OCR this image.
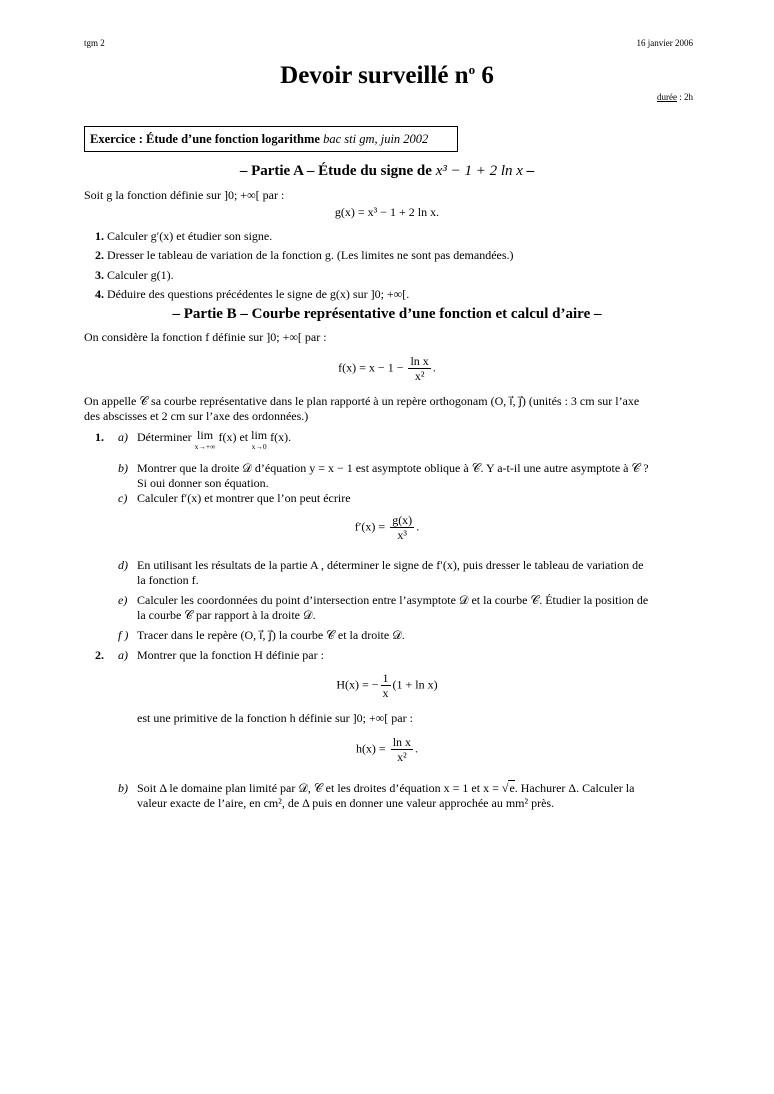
tgm 2	16 janvier 2006
Devoir surveillé $n^o$ 6
durée : 2h
Exercice : Étude d’une fonction logarithme bac sti gm, juin 2002
– Partie A – Étude du signe de x³ − 1 + 2 ln x –
Soit g la fonction définie sur ]0; +∞[ par :
g(x) = x³ − 1 + 2 ln x.
1. Calculer g′(x) et étudier son signe.
2. Dresser le tableau de variation de la fonction g. (Les limites ne sont pas demandées.)
3. Calculer g(1).
4. Déduire des questions précédentes le signe de g(x) sur ]0; +∞[.
– Partie B – Courbe représentative d’une fonction et calcul d’aire –
On considère la fonction f définie sur ]0; +∞[ par :
$f(x) = x - 1 - \frac{\text{ln x}}{\text{x²}}$ .
On appelle 𝒞 sa courbe représentative dans le plan rapporté à un repère orthogonam (O, ı⃗, ȷ⃗) (unités : 3 cm sur l’axe
des abscisses et 2 cm sur l’axe des ordonnées.)
1. a) Déterminer lim
x→+∞
f(x) et lim
x→0
f(x).
b) Montrer que la droite 𝒟 d’équation y = x − 1 est asymptote oblique à 𝒞. Y a-t-il une autre asymptote à 𝒞 ?
Si oui donner son équation.
c) Calculer f′(x) et montrer que l’on peut écrire
$f'(x) = \frac{g(x)}{\text{x³}}$ .
d) En utilisant les résultats de la partie A , déterminer le signe de f′(x), puis dresser le tableau de variation de
la fonction f.
e) Calculer les coordonnées du point d’intersection entre l’asymptote 𝒟 et la courbe 𝒞. Étudier la position de
la courbe 𝒞 par rapport à la droite 𝒟.
f ) Tracer dans le repère (O, ı⃗, ȷ⃗) la courbe 𝒞 et la droite 𝒟.
2. a) Montrer que la fonction H définie par :
H(x) = − $\frac{1}{x} (1 + \ln x)$
est une primitive de la fonction h définie sur ]0; +∞[ par :
$h(x) = \frac{\text{ln x}}{\text{x²}}$ .
b) Soit Δ le domaine plan limité par 𝒟, 𝒞 et les droites d’équation x = 1 et x = √e. Hachurer Δ. Calculer la
valeur exacte de l’aire, en cm², de Δ puis en donner une valeur approchée au mm² près.
